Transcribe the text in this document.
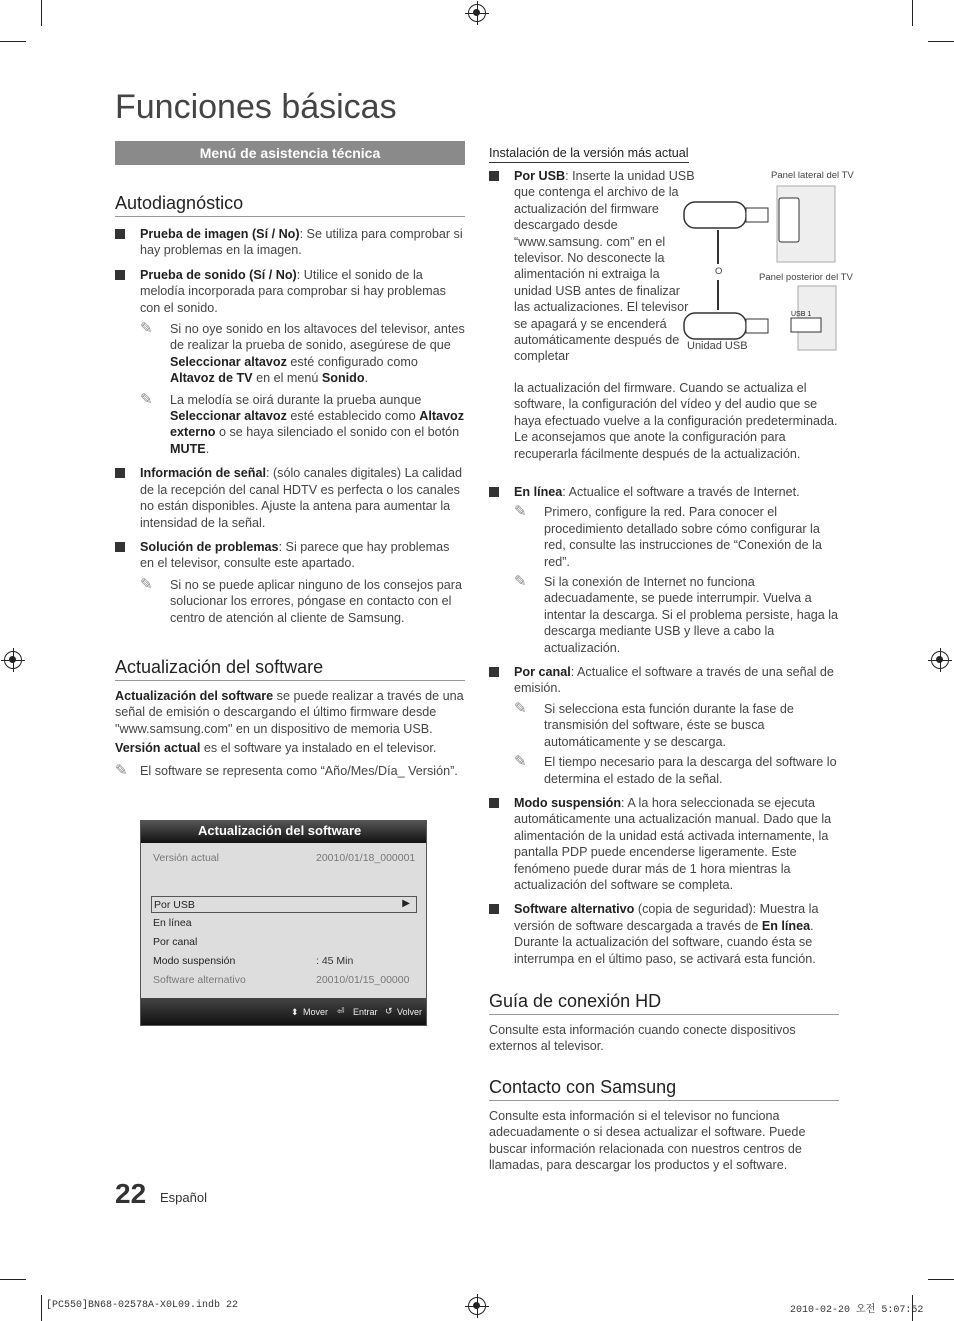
Funciones básicas
Menú de asistencia técnica
Autodiagnóstico
Prueba de imagen (Sí / No): Se utiliza para comprobar si hay problemas en la imagen.
Prueba de sonido (Sí / No): Utilice el sonido de la melodía incorporada para comprobar si hay problemas con el sonido.
✎ Si no oye sonido en los altavoces del televisor, antes de realizar la prueba de sonido, asegúrese de que Seleccionar altavoz esté configurado como Altavoz de TV en el menú Sonido.
✎ La melodía se oirá durante la prueba aunque Seleccionar altavoz esté establecido como Altavoz externo o se haya silenciado el sonido con el botón MUTE.
Información de señal: (sólo canales digitales) La calidad de la recepción del canal HDTV es perfecta o los canales no están disponibles. Ajuste la antena para aumentar la intensidad de la señal.
Solución de problemas: Si parece que hay problemas en el televisor, consulte este apartado.
✎ Si no se puede aplicar ninguno de los consejos para solucionar los errores, póngase en contacto con el centro de atención al cliente de Samsung.
Actualización del software
Actualización del software se puede realizar a través de una señal de emisión o descargando el último firmware desde "www.samsung.com" en un dispositivo de memoria USB.
Versión actual es el software ya instalado en el televisor.
✎ El software se representa como “Año/Mes/Día_ Versión”.
Actualización del software
Versión actual	20010/01/18_000001
Por USB	▶
En línea
Por canal
Modo suspensión	: 45 Min
Software alternativo	20010/01/15_00000
⬍ Mover ⏎ Entrar ↺ Volver
Instalación de la versión más actual
Por USB: Inserte la unidad USB que contenga el archivo de la actualización del firmware descargado desde “www.samsung. com” en el televisor. No desconecte la alimentación ni extraiga la unidad USB antes de finalizar las actualizaciones. El televisor se apagará y se encenderá automáticamente después de completar
la actualización del firmware. Cuando se actualiza el software, la configuración del vídeo y del audio que se haya efectuado vuelve a la configuración predeterminada. Le aconsejamos que anote la configuración para recuperarla fácilmente después de la actualización.
Panel lateral del TV
O
Panel posterior del TV
USB 1
Unidad USB
En línea: Actualice el software a través de Internet.
✎ Primero, configure la red. Para conocer el procedimiento detallado sobre cómo configurar la red, consulte las instrucciones de “Conexión de la red”.
✎ Si la conexión de Internet no funciona adecuadamente, se puede interrumpir. Vuelva a intentar la descarga. Si el problema persiste, haga la descarga mediante USB y lleve a cabo la actualización.
Por canal: Actualice el software a través de una señal de emisión.
✎ Si selecciona esta función durante la fase de transmisión del software, éste se busca automáticamente y se descarga.
✎ El tiempo necesario para la descarga del software lo determina el estado de la señal.
Modo suspensión: A la hora seleccionada se ejecuta automáticamente una actualización manual. Dado que la alimentación de la unidad está activada internamente, la pantalla PDP puede encenderse ligeramente. Este fenómeno puede durar más de 1 hora mientras la actualización del software se completa.
Software alternativo (copia de seguridad): Muestra la versión de software descargada a través de En línea. Durante la actualización del software, cuando ésta se interrumpa en el último paso, se activará esta función.
Guía de conexión HD
Consulte esta información cuando conecte dispositivos externos al televisor.
Contacto con Samsung
Consulte esta información si el televisor no funciona adecuadamente o si desea actualizar el software. Puede buscar información relacionada con nuestros centros de llamadas, para descargar los productos y el software.
22 Español
[PC550]BN68-02578A-X0L09.indb 22	2010-02-20 오전 5:07:52
